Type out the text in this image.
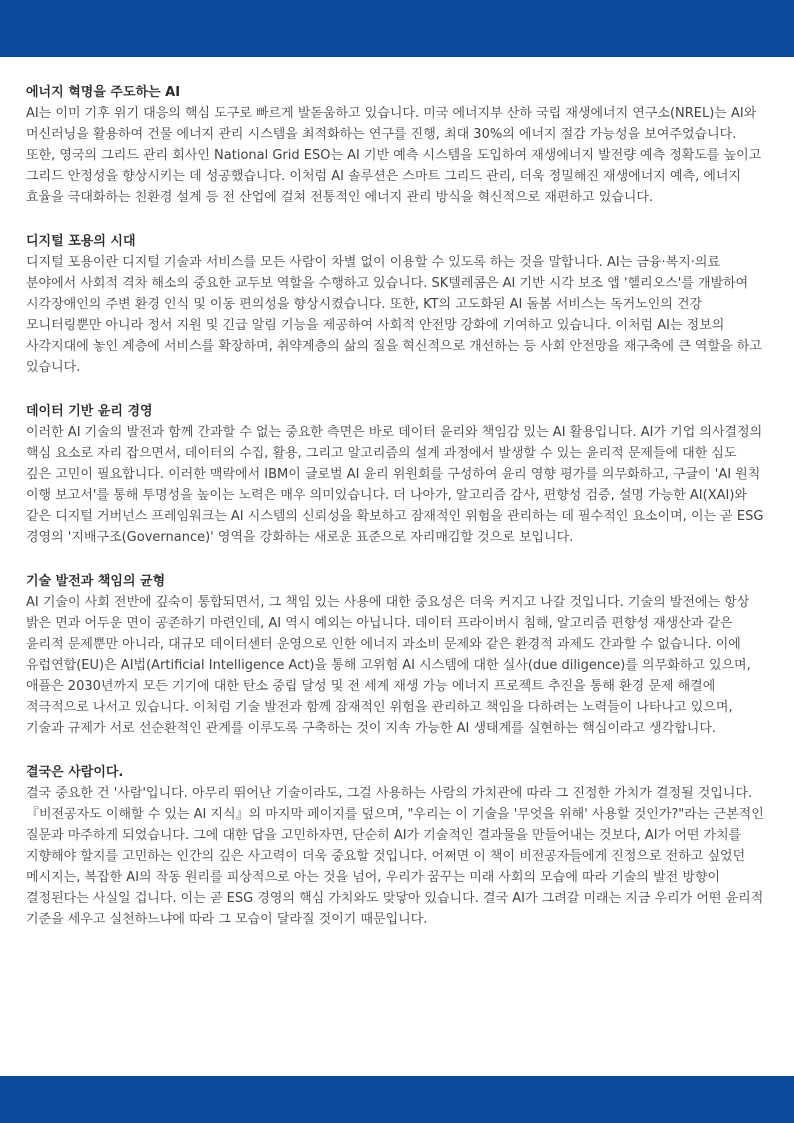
에너지 혁명을 주도하는 AI

AI는 이미 기후 위기 대응의 핵심 도구로 빠르게 발돋움하고 있습니다. 미국 에너지부 산하 국립 재생에너지 연구소(NREL)는 AI와 머신러닝을 활용하여 건물 에너지 관리 시스템을 최적화하는 연구를 진행, 최대 30%의 에너지 절감 가능성을 보여주었습니다. 또한, 영국의 그리드 관리 회사인 National Grid ESO는 AI 기반 예측 시스템을 도입하여 재생에너지 발전량 예측 정확도를 높이고 그리드 안정성을 향상시키는 데 성공했습니다. 이처럼 AI 솔루션은 스마트 그리드 관리, 더욱 정밀해진 재생에너지 예측, 에너지 효율을 극대화하는 친환경 설계 등 전 산업에 걸쳐 전통적인 에너지 관리 방식을 혁신적으로 재편하고 있습니다.

디지털 포용의 시대

디지털 포용이란 디지털 기술과 서비스를 모든 사람이 차별 없이 이용할 수 있도록 하는 것을 말합니다. AI는 금융·복지·의료 분야에서 사회적 격차 해소의 중요한 교두보 역할을 수행하고 있습니다. SK텔레콤은 AI 기반 시각 보조 앱 '헬리오스'를 개발하여 시각장애인의 주변 환경 인식 및 이동 편의성을 향상시켰습니다. 또한, KT의 고도화된 AI 돌봄 서비스는 독거노인의 건강 모니터링뿐만 아니라 정서 지원 및 긴급 알림 기능을 제공하여 사회적 안전망 강화에 기여하고 있습니다. 이처럼 AI는 정보의 사각지대에 놓인 계층에 서비스를 확장하며, 취약계층의 삶의 질을 혁신적으로 개선하는 등 사회 안전망을 재구축에 큰 역할을 하고 있습니다.

데이터 기반 윤리 경영

이러한 AI 기술의 발전과 함께 간과할 수 없는 중요한 측면은 바로 데이터 윤리와 책임감 있는 AI 활용입니다. AI가 기업 의사결정의 핵심 요소로 자리 잡으면서, 데이터의 수집, 활용, 그리고 알고리즘의 설계 과정에서 발생할 수 있는 윤리적 문제들에 대한 심도 깊은 고민이 필요합니다. 이러한 맥락에서 IBM이 글로벌 AI 윤리 위원회를 구성하여 윤리 영향 평가를 의무화하고, 구글이 'AI 원칙 이행 보고서'를 통해 투명성을 높이는 노력은 매우 의미있습니다. 더 나아가, 알고리즘 감사, 편향성 검증, 설명 가능한 AI(XAI)와 같은 디지털 거버넌스 프레임워크는 AI 시스템의 신뢰성을 확보하고 잠재적인 위험을 관리하는 데 필수적인 요소이며, 이는 곧 ESG 경영의 '지배구조(Governance)' 영역을 강화하는 새로운 표준으로 자리매김할 것으로 보입니다.

기술 발전과 책임의 균형

AI 기술이 사회 전반에 깊숙이 통합되면서, 그 책임 있는 사용에 대한 중요성은 더욱 커지고 나갈 것입니다. 기술의 발전에는 항상 밝은 면과 어두운 면이 공존하기 마련인데, AI 역시 예외는 아닙니다. 데이터 프라이버시 침해, 알고리즘 편향성 재생산과 같은 윤리적 문제뿐만 아니라, 대규모 데이터센터 운영으로 인한 에너지 과소비 문제와 같은 환경적 과제도 간과할 수 없습니다. 이에 유럽연합(EU)은 AI법(Artificial Intelligence Act)을 통해 고위험 AI 시스템에 대한 실사(due diligence)를 의무화하고 있으며, 애플은 2030년까지 모든 기기에 대한 탄소 중립 달성 및 전 세계 재생 가능 에너지 프로젝트 추진을 통해 환경 문제 해결에 적극적으로 나서고 있습니다. 이처럼 기술 발전과 함께 잠재적인 위험을 관리하고 책임을 다하려는 노력들이 나타나고 있으며, 기술과 규제가 서로 선순환적인 관계를 이루도록 구축하는 것이 지속 가능한 AI 생태계를 실현하는 핵심이라고 생각합니다.

결국은 사람이다.

결국 중요한 건 '사람'입니다. 아무리 뛰어난 기술이라도, 그걸 사용하는 사람의 가치관에 따라 그 진정한 가치가 결정될 것입니다. 『비전공자도 이해할 수 있는 AI 지식』의 마지막 페이지를 덮으며, "우리는 이 기술을 '무엇을 위해' 사용할 것인가?"라는 근본적인 질문과 마주하게 되었습니다. 그에 대한 답을 고민하자면, 단순히 AI가 기술적인 결과물을 만들어내는 것보다, AI가 어떤 가치를 지향해야 할지를 고민하는 인간의 깊은 사고력이 더욱 중요할 것입니다. 어쩌면 이 책이 비전공자들에게 진정으로 전하고 싶었던 메시지는, 복잡한 AI의 작동 원리를 피상적으로 아는 것을 넘어, 우리가 꿈꾸는 미래 사회의 모습에 따라 기술의 발전 방향이 결정된다는 사실일 겁니다. 이는 곧 ESG 경영의 핵심 가치와도 맞닿아 있습니다. 결국 AI가 그려갈 미래는 지금 우리가 어떤 윤리적 기준을 세우고 실천하느냐에 따라 그 모습이 달라질 것이기 때문입니다.
